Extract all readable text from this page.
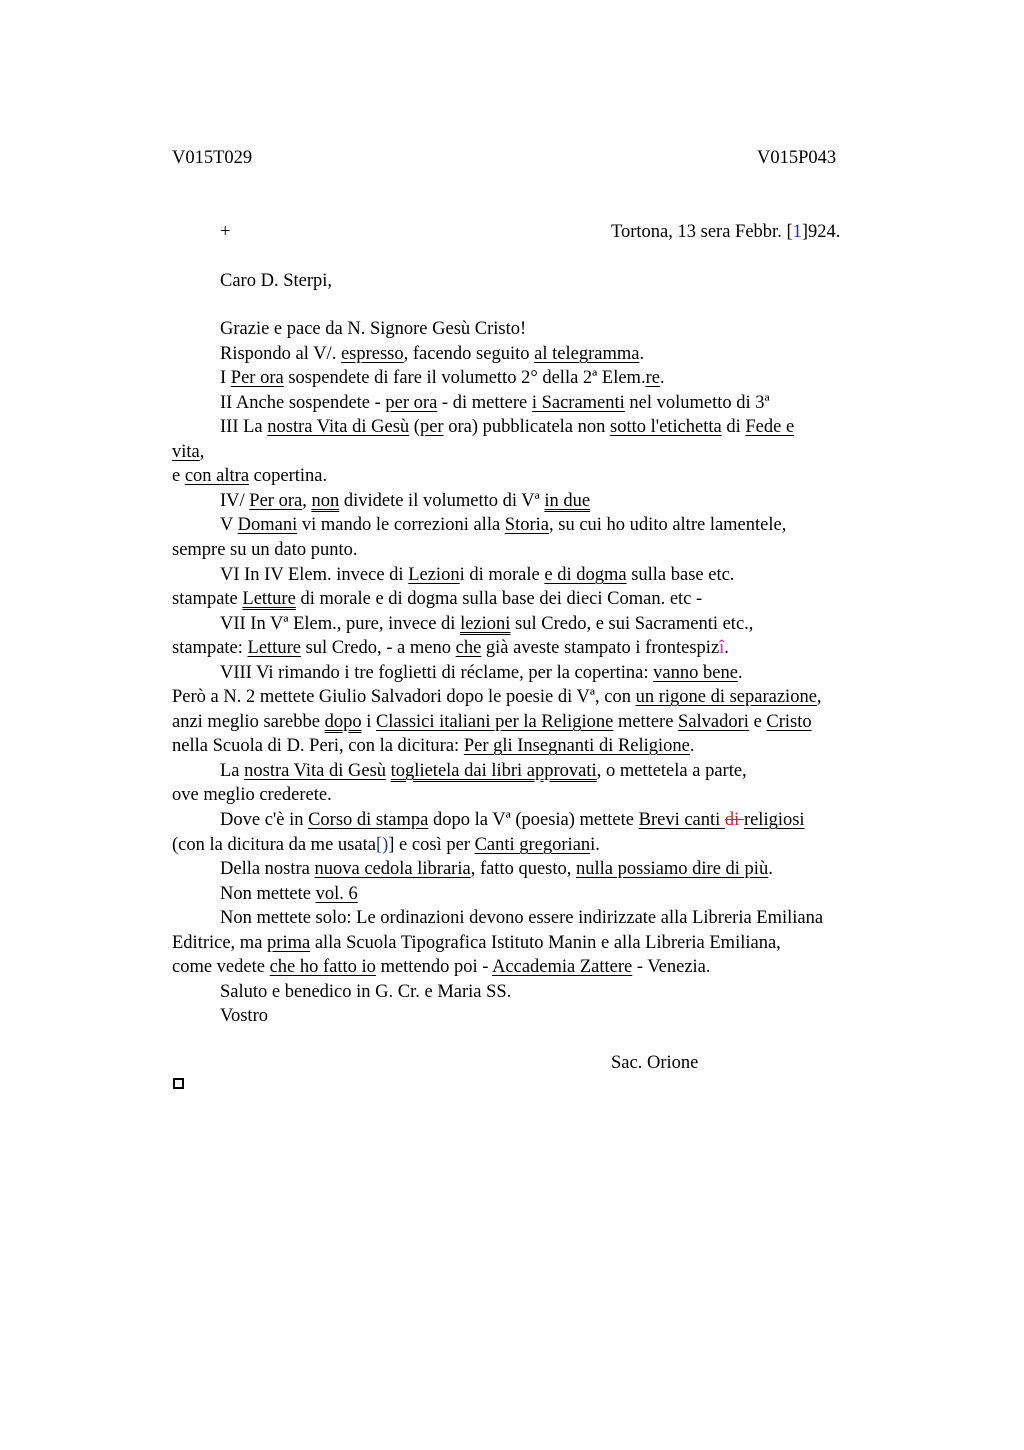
V015T029	V015P043
+	Tortona, 13 sera Febbr. [1]924.
Caro D. Sterpi,
Grazie e pace da N. Signore Gesù Cristo!
Rispondo al V/. espresso, facendo seguito al telegramma.
I Per ora sospendete di fare il volumetto 2° della 2ª Elem.re.
II Anche sospendete - per ora - di mettere i Sacramenti nel volumetto di 3ª
III La nostra Vita di Gesù (per ora) pubblicatela non sotto l'etichetta di Fede e
vita,
e con altra copertina.
IV/ Per ora, non dividete il volumetto di Vª in due
V Domani vi mando le correzioni alla Storia, su cui ho udito altre lamentele,
sempre su un dato punto.
VI In IV Elem. invece di Lezioni di morale e di dogma sulla base etc.
stampate Letture di morale e di dogma sulla base dei dieci Coman. etc -
VII In Vª Elem., pure, invece di lezioni sul Credo, e sui Sacramenti etc.,
stampate: Letture sul Credo, - a meno che già aveste stampato i frontespizî.
VIII Vi rimando i tre foglietti di réclame, per la copertina: vanno bene.
Però a N. 2 mettete Giulio Salvadori dopo le poesie di Vª, con un rigone di separazione,
anzi meglio sarebbe dopo i Classici italiani per la Religione mettere Salvadori e Cristo
nella Scuola di D. Peri, con la dicitura: Per gli Insegnanti di Religione.
La nostra Vita di Gesù toglietela dai libri approvati, o mettetela a parte,
ove meglio crederete.
Dove c'è in Corso di stampa dopo la Vª (poesia) mettete Brevi canti di religiosi
(con la dicitura da me usata[)] e così per Canti gregoriani.
Della nostra nuova cedola libraria, fatto questo, nulla possiamo dire di più.
Non mettete vol. 6
Non mettete solo: Le ordinazioni devono essere indirizzate alla Libreria Emiliana
Editrice, ma prima alla Scuola Tipografica Istituto Manin e alla Libreria Emiliana,
come vedete che ho fatto io mettendo poi - Accademia Zattere - Venezia.
Saluto e benedico in G. Cr. e Maria SS.
Vostro
Sac. Orione
